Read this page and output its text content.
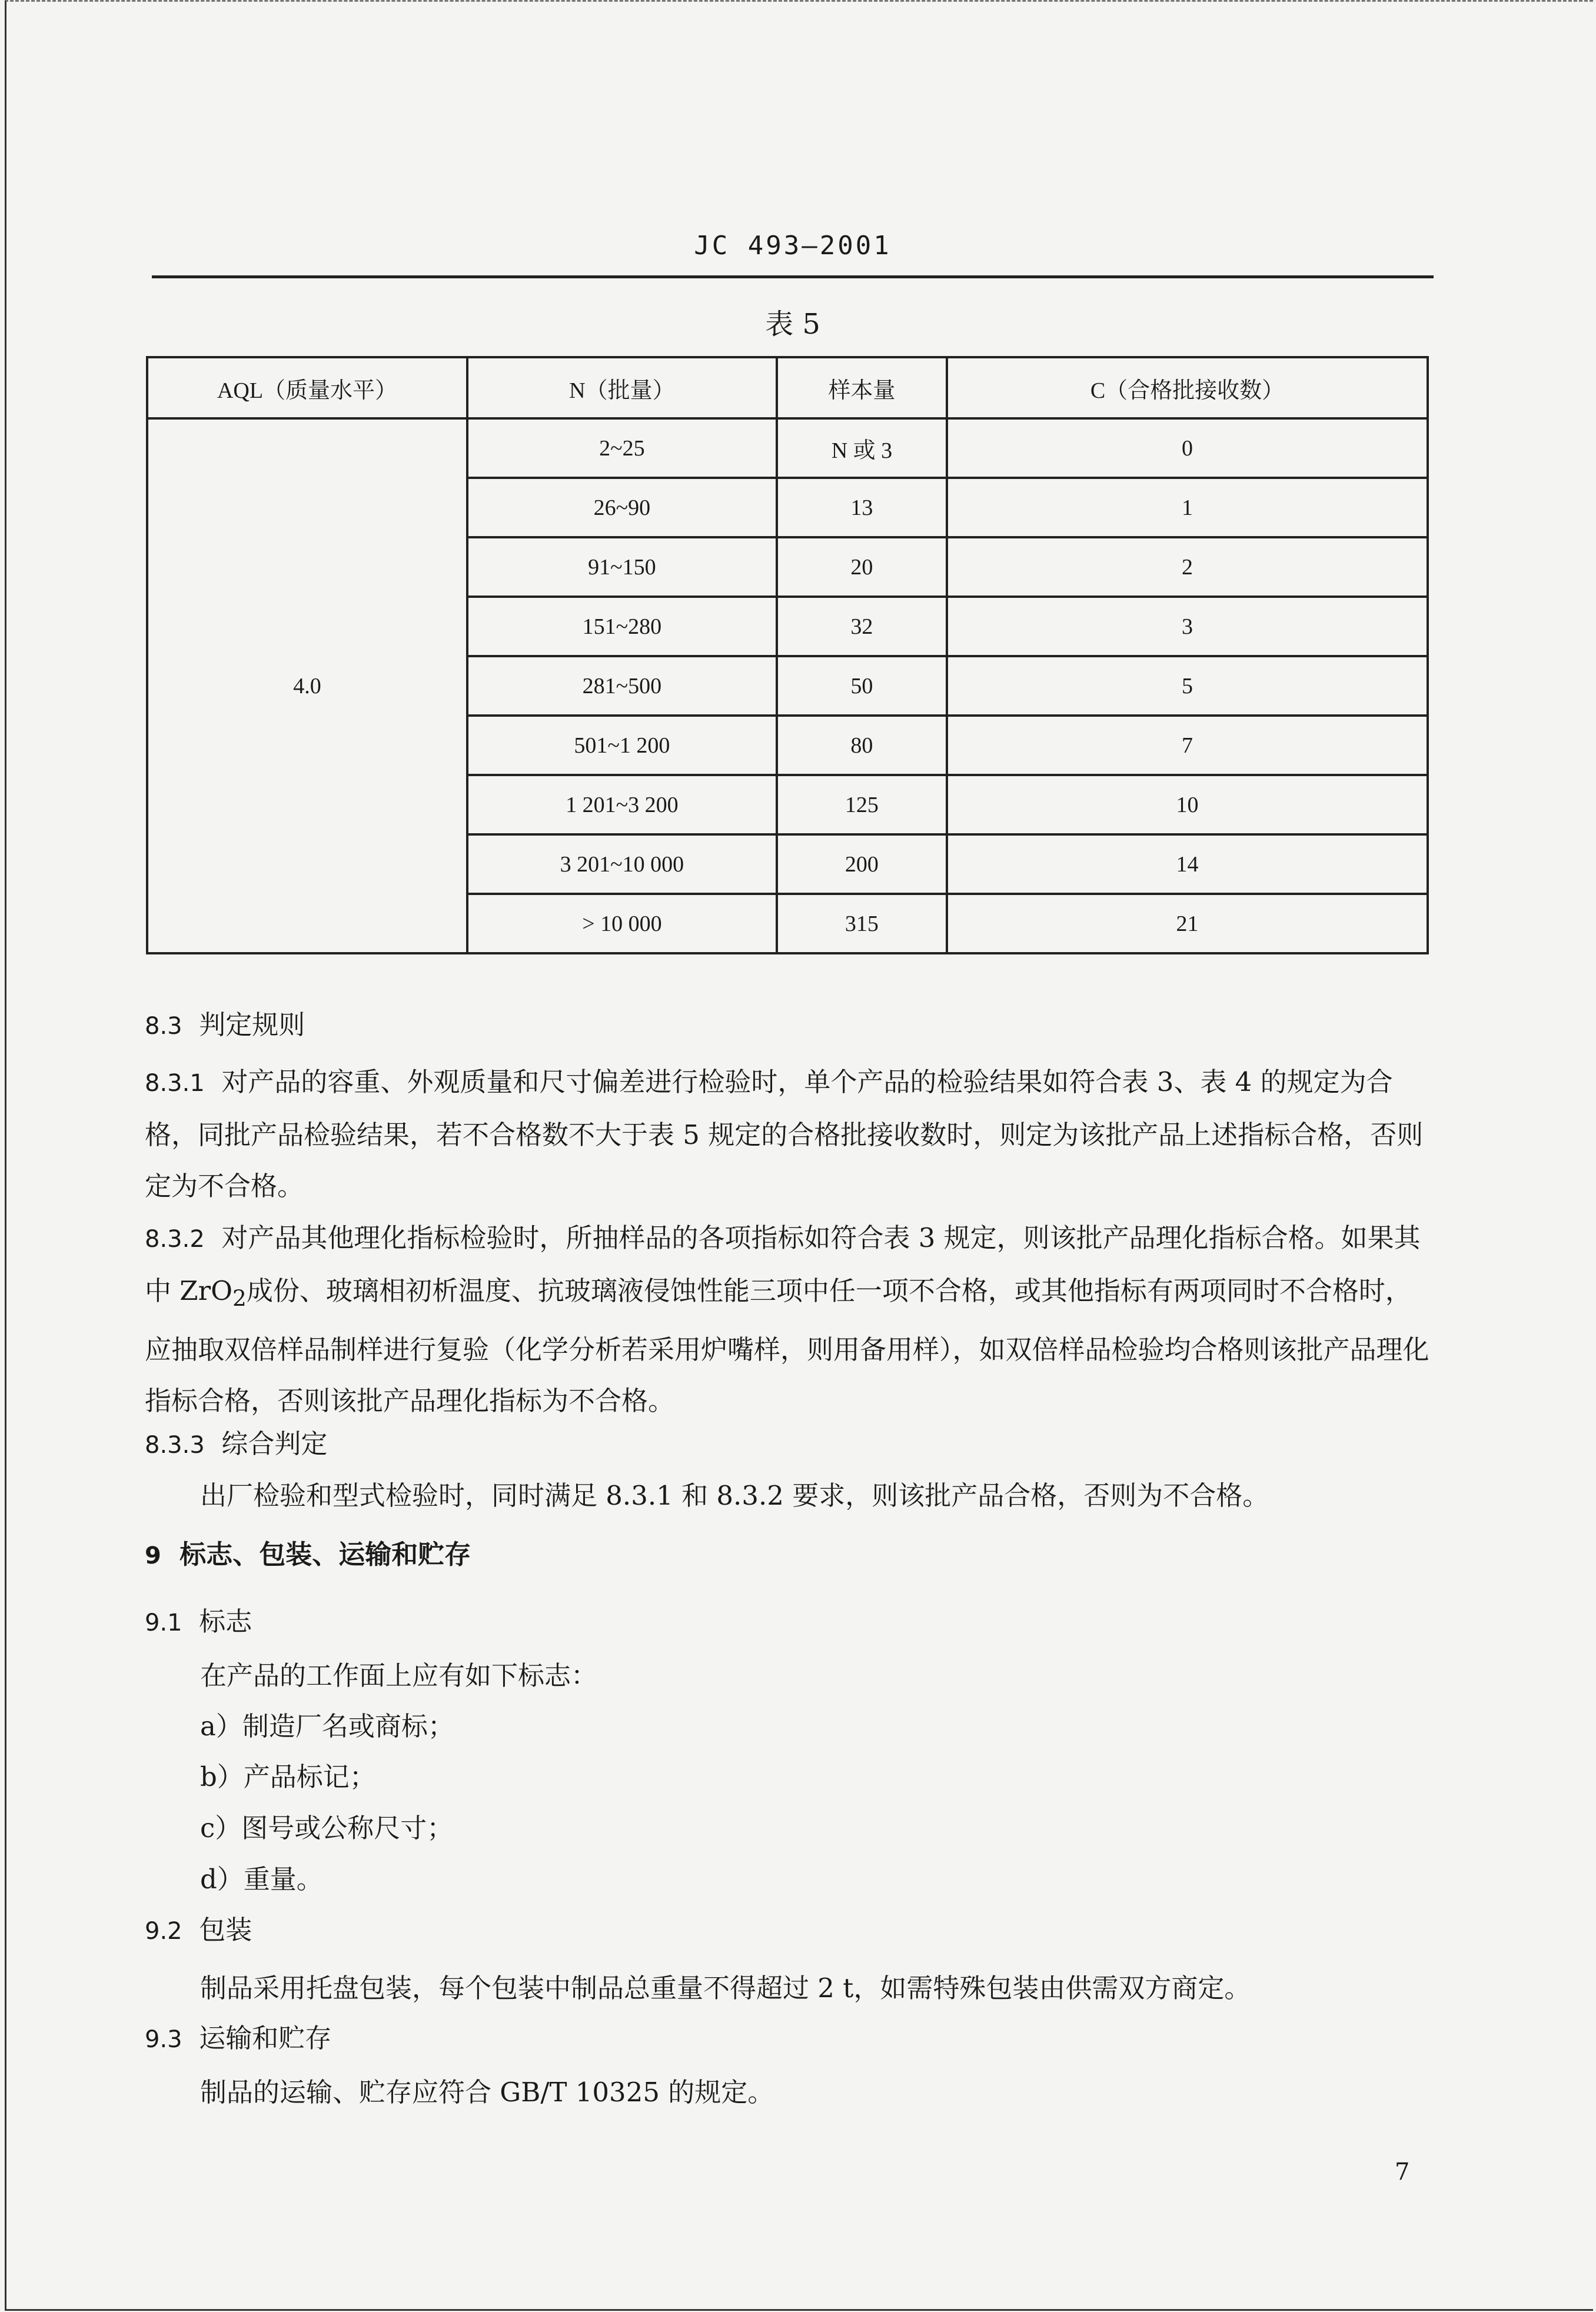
JC 493—2001
表 5
AQL（质量水平）	N（批量）	样本量	C（合格批接收数）
4.0	2~25	N 或 3	0
	26~90	13	1
	91~150	20	2
	151~280	32	3
	281~500	50	5
	501~1 200	80	7
	1 201~3 200	125	10
	3 201~10 000	200	14
	> 10 000	315	21
8.3 判定规则
8.3.1 对产品的容重、外观质量和尺寸偏差进行检验时，单个产品的检验结果如符合表 3、表 4 的规定为合格，同批产品检验结果，若不合格数不大于表 5 规定的合格批接收数时，则定为该批产品上述指标合格，否则定为不合格。
8.3.2 对产品其他理化指标检验时，所抽样品的各项指标如符合表 3 规定，则该批产品理化指标合格。如果其中 ZrO$_2$成份、玻璃相初析温度、抗玻璃液侵蚀性能三项中任一项不合格，或其他指标有两项同时不合格时，应抽取双倍样品制样进行复验（化学分析若采用炉嘴样，则用备用样），如双倍样品检验均合格则该批产品理化指标合格，否则该批产品理化指标为不合格。
8.3.3 综合判定
出厂检验和型式检验时，同时满足 8.3.1 和 8.3.2 要求，则该批产品合格，否则为不合格。
9 标志、包装、运输和贮存
9.1 标志
在产品的工作面上应有如下标志：
a）制造厂名或商标；
b）产品标记；
c）图号或公称尺寸；
d）重量。
9.2 包装
制品采用托盘包装，每个包装中制品总重量不得超过 2 t，如需特殊包装由供需双方商定。
9.3 运输和贮存
制品的运输、贮存应符合 GB/T 10325 的规定。
7
